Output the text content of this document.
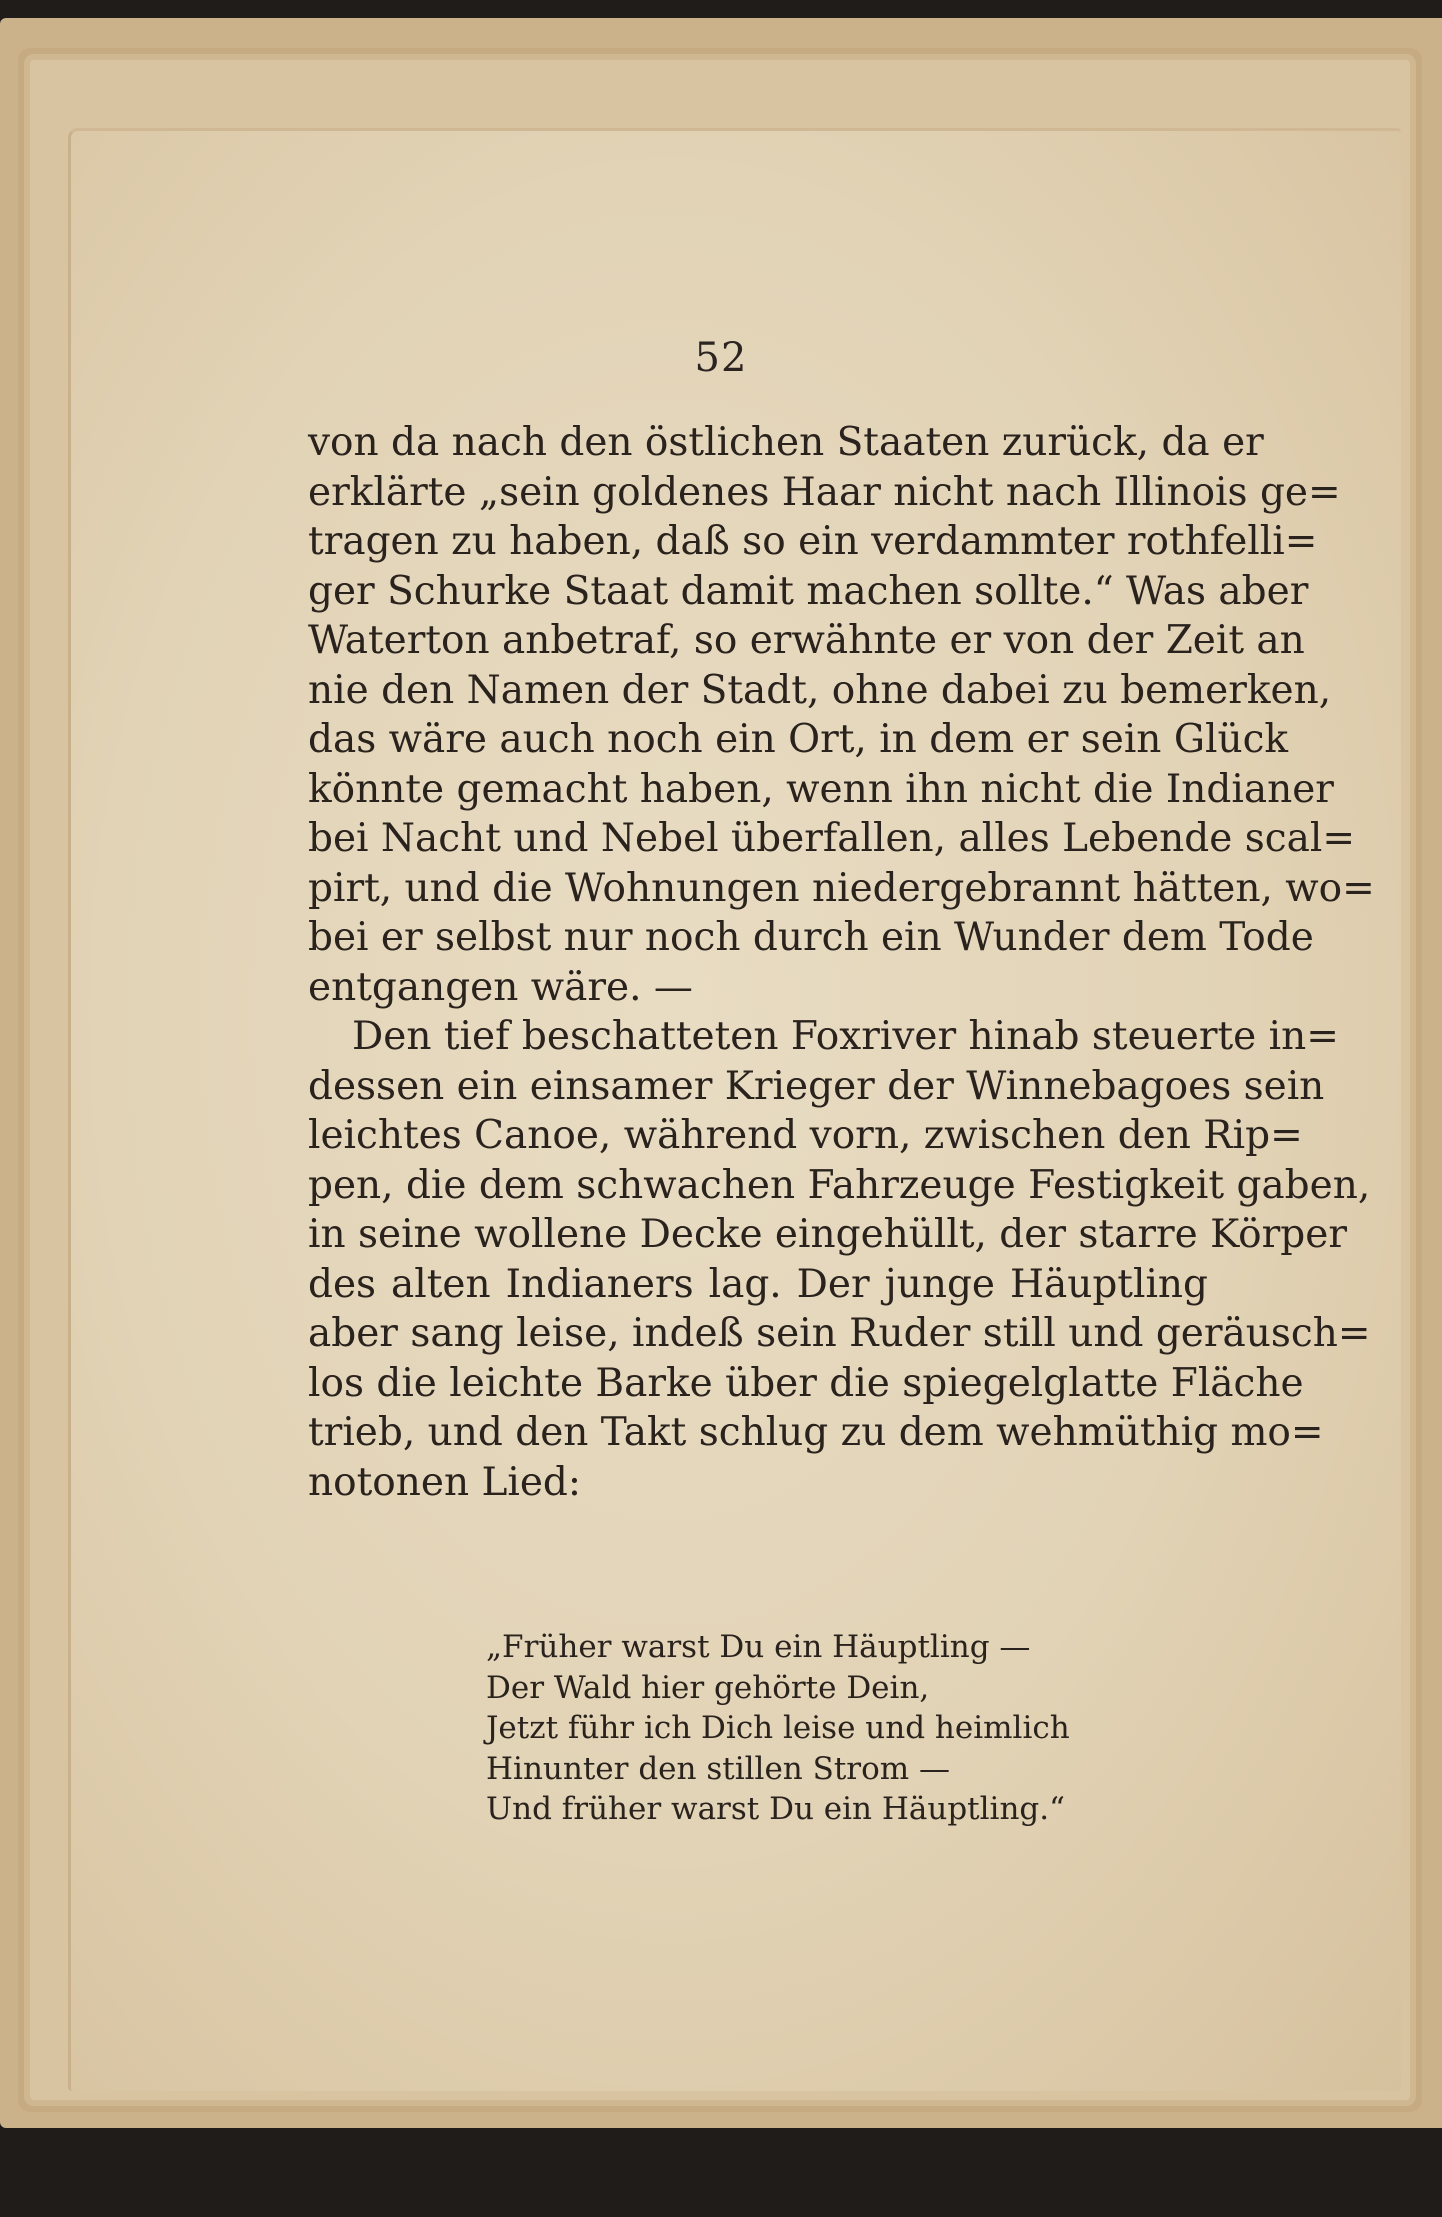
52
von da nach den östlichen Staaten zurück, da er
erklärte „sein goldenes Haar nicht nach Illinois ge=
tragen zu haben, daß so ein verdammter rothfelli=
ger Schurke Staat damit machen sollte.“ Was aber
Waterton anbetraf, so erwähnte er von der Zeit an
nie den Namen der Stadt, ohne dabei zu bemerken,
das wäre auch noch ein Ort, in dem er sein Glück
könnte gemacht haben, wenn ihn nicht die Indianer
bei Nacht und Nebel überfallen, alles Lebende scal=
pirt, und die Wohnungen niedergebrannt hätten, wo=
bei er selbst nur noch durch ein Wunder dem Tode
entgangen wäre. —
Den tief beschatteten Foxriver hinab steuerte in=
dessen ein einsamer Krieger der Winnebagoes sein
leichtes Canoe, während vorn, zwischen den Rip=
pen, die dem schwachen Fahrzeuge Festigkeit gaben,
in seine wollene Decke eingehüllt, der starre Körper
des alten Indianers lag. Der junge Häuptling
aber sang leise, indeß sein Ruder still und geräusch=
los die leichte Barke über die spiegelglatte Fläche
trieb, und den Takt schlug zu dem wehmüthig mo=
notonen Lied:
„Früher warst Du ein Häuptling —
Der Wald hier gehörte Dein,
Jetzt führ ich Dich leise und heimlich
Hinunter den stillen Strom —
Und früher warst Du ein Häuptling.“
